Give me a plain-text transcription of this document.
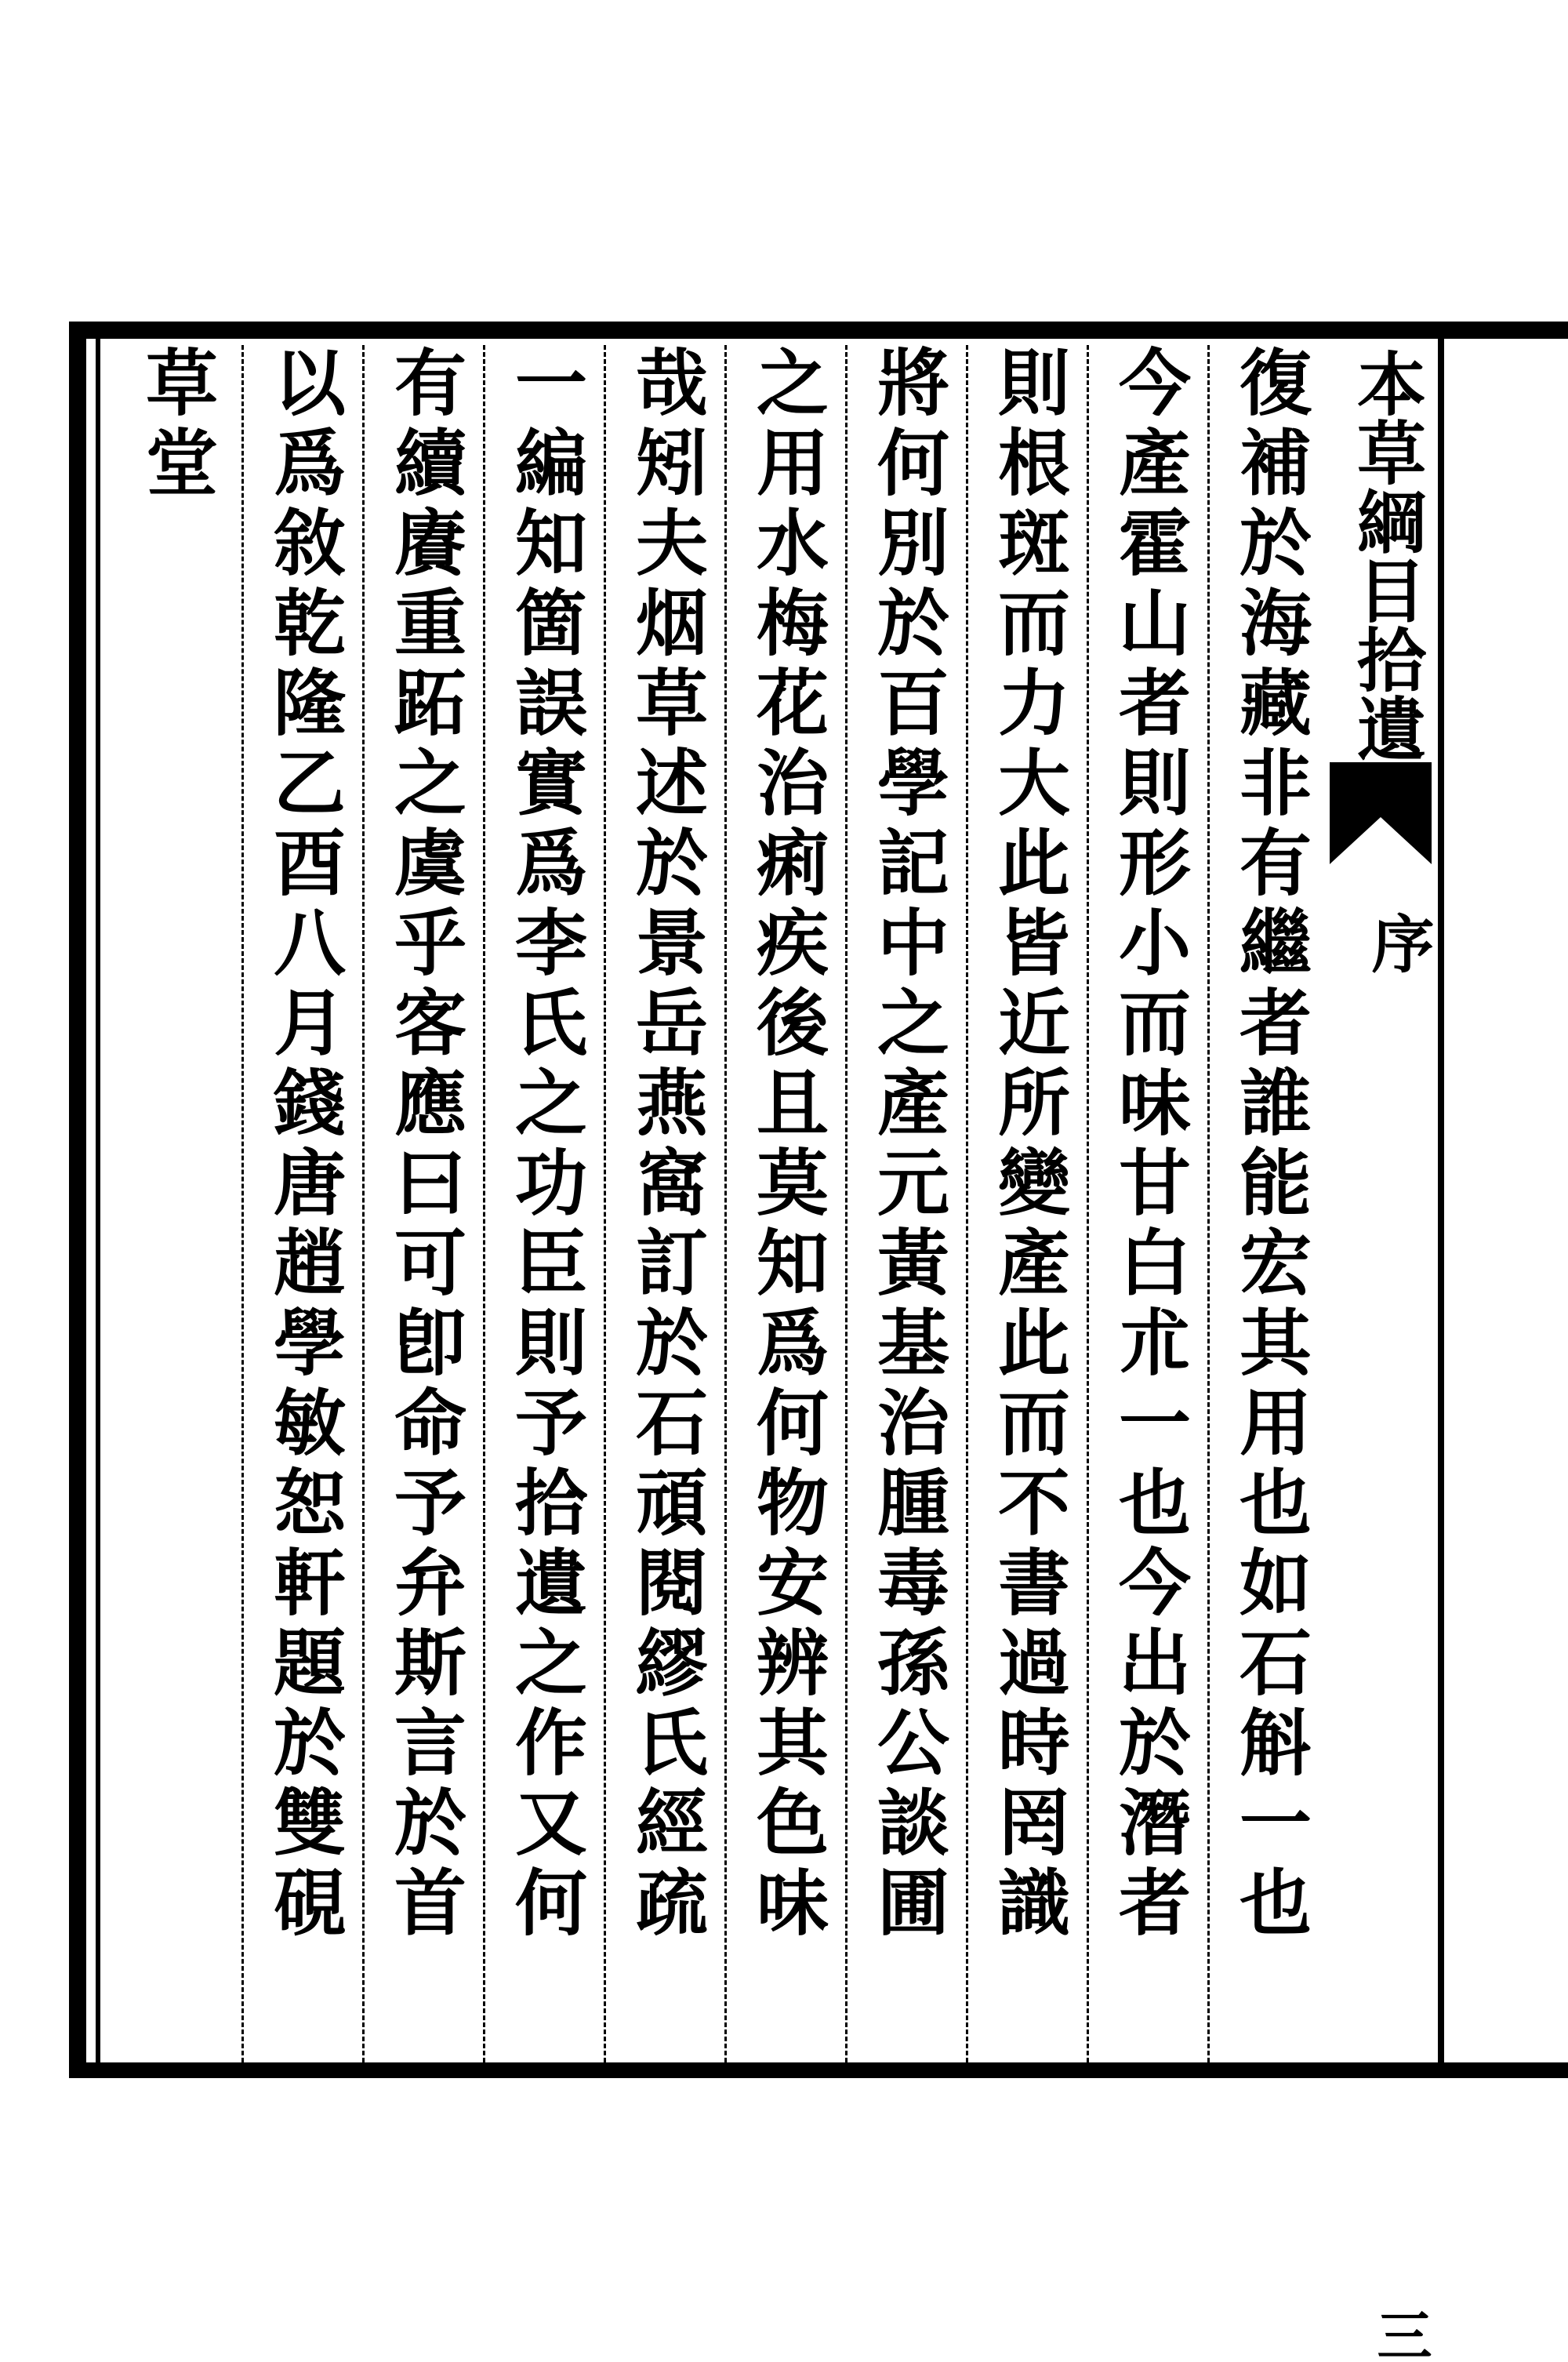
本草綱目拾遺
序
三
復補於海藏非有繼者誰能宏其用也如石斛一也
今產霍山者則形小而味甘白朮一也今出於潛者
則根斑而力大此皆近所變產此而不書過時罔識
將何別於百學記中之產元黃基治腫毒孫公談圃
之用水梅花治痢疾後且莫知爲何物安辨其色味
哉矧夫烟草述於景岳燕窩訂於石頑閱繆氏經疏
一編知箇誤實爲李氏之功臣則予拾遺之作又何
有續賡重跖之虞乎客應曰可卽命予弁斯言於首
以爲敘乾隆乙酉八月錢唐趙學敏恕軒題於雙硯
草堂
